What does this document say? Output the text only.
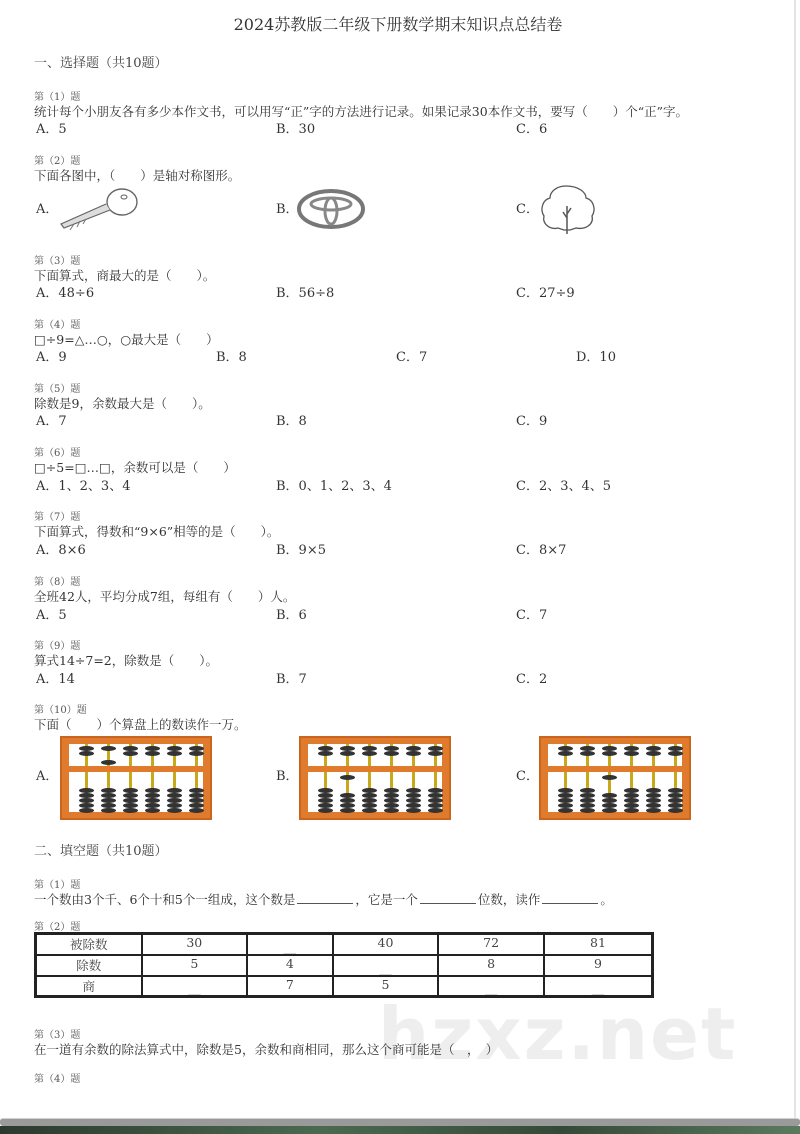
2024苏教版二年级下册数学期末知识点总结卷
一、选择题（共10题）
第（1）题
统计每个小朋友各有多少本作文书，可以用写“正”字的方法进行记录。如果记录30本作文书，要写（　　）个“正”字。
A．5	B．30	C．6
第（2）题
下面各图中，（　　）是轴对称图形。
A．	B．	C．
第（3）题
下面算式，商最大的是（　　）。
A．48÷6	B．56÷8	C．27÷9
第（4）题
□÷9=△…○，○最大是（　　）
A．9	B．8	C．7	D．10
第（5）题
除数是9，余数最大是（　　）。
A．7	B．8	C．9
第（6）题
□÷5=□…□，余数可以是（　　）
A．1、2、3、4	B．0、1、2、3、4	C．2、3、4、5
第（7）题
下面算式，得数和“9×6”相等的是（　　）。
A．8×6	B．9×5	C．8×7
第（8）题
全班42人，平均分成7组，每组有（　　）人。
A．5	B．6	C．7
第（9）题
算式14÷7=2，除数是（　　）。
A．14	B．7	C．2
第（10）题
下面（　　）个算盘上的数读作一万。
A．	B．	C．
二、填空题（共10题）
第（1）题
一个数由3个千、6个十和5个一组成，这个数是	，它是一个	位数，读作	。
第（2）题
被除数	30	__	40	72	81
除数	5	4	__	8	9
商	__	7	5	__	__
hzxz.net
第（3）题
在一道有余数的除法算式中，除数是5，余数和商相同，那么这个商可能是（　，　）
第（4）题
